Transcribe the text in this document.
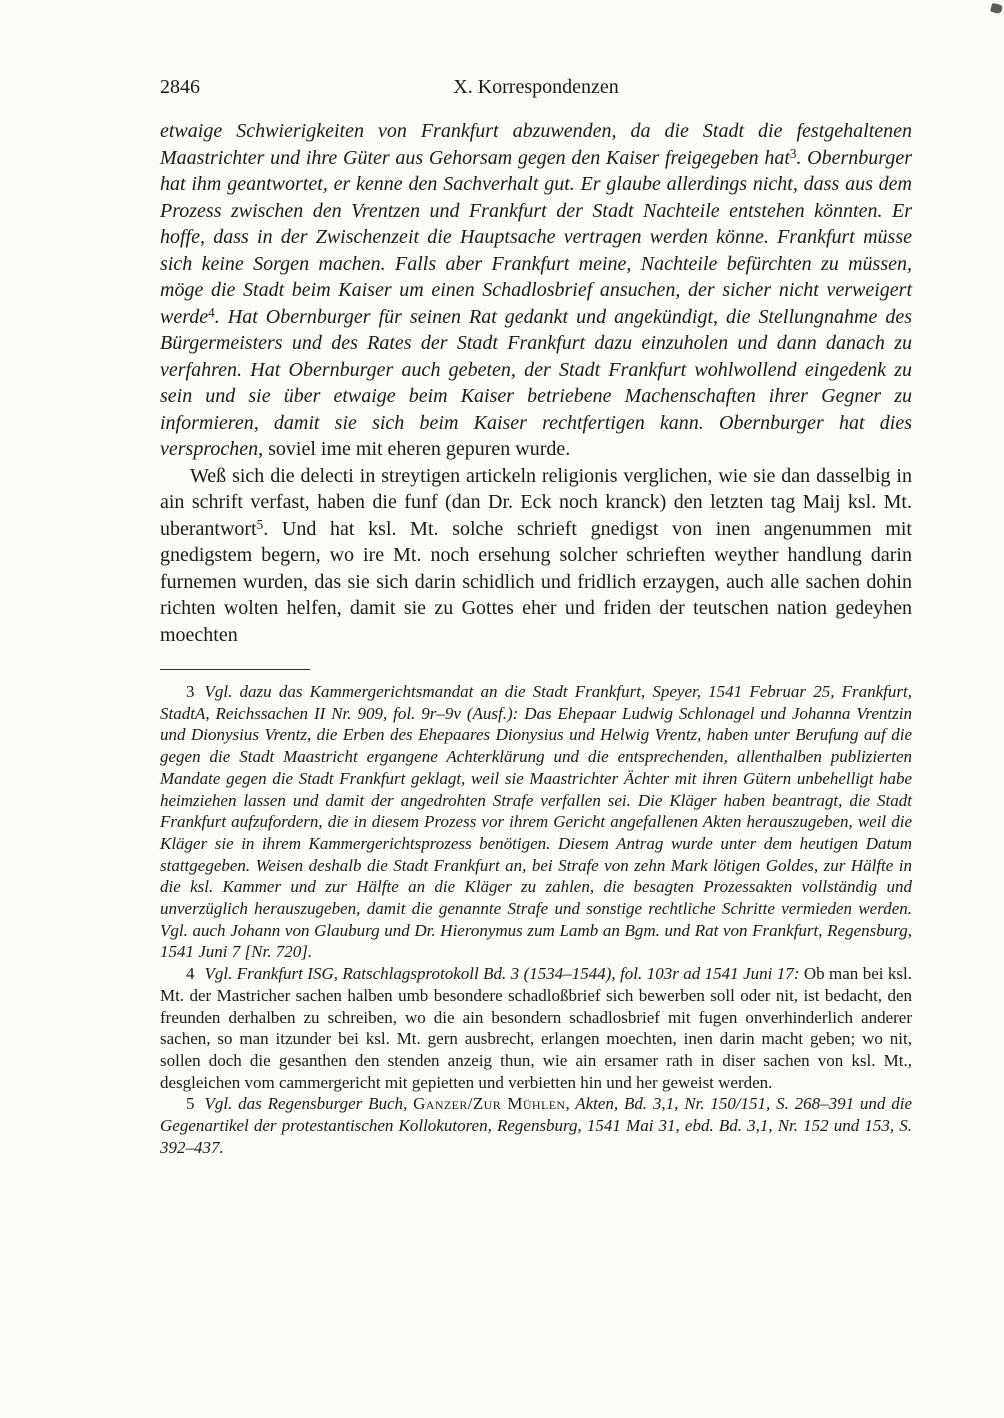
2846	X. Korrespondenzen

etwaige Schwierigkeiten von Frankfurt abzuwenden, da die Stadt die festgehaltenen Maastrichter und ihre Güter aus Gehorsam gegen den Kaiser freigegeben hat$^3$. Obernburger hat ihm geantwortet, er kenne den Sachverhalt gut. Er glaube allerdings nicht, dass aus dem Prozess zwischen den Vrentzen und Frankfurt der Stadt Nachteile entstehen könnten. Er hoffe, dass in der Zwischenzeit die Hauptsache vertragen werden könne. Frankfurt müsse sich keine Sorgen machen. Falls aber Frankfurt meine, Nachteile befürchten zu müssen, möge die Stadt beim Kaiser um einen Schadlosbrief ansuchen, der sicher nicht verweigert werde$^4$. Hat Obernburger für seinen Rat gedankt und angekündigt, die Stellungnahme des Bürgermeisters und des Rates der Stadt Frankfurt dazu einzuholen und dann danach zu verfahren. Hat Obernburger auch gebeten, der Stadt Frankfurt wohlwollend eingedenk zu sein und sie über etwaige beim Kaiser betriebene Machenschaften ihrer Gegner zu informieren, damit sie sich beim Kaiser rechtfertigen kann. Obernburger hat dies versprochen, soviel ime mit eheren gepuren wurde.

Weß sich die delecti in streytigen artickeln religionis verglichen, wie sie dan dasselbig in ain schrift verfast, haben die funf (dan Dr. Eck noch kranck) den letzten tag Maij ksl. Mt. uberantwort$^5$. Und hat ksl. Mt. solche schrieft gnedigst von inen angenummen mit gnedigstem begern, wo ire Mt. noch ersehung solcher schrieften weyther handlung darin furnemen wurden, das sie sich darin schidlich und fridlich erzaygen, auch alle sachen dohin richten wolten helfen, damit sie zu Gottes eher und friden der teutschen nation gedeyhen moechten

3 Vgl. dazu das Kammergerichtsmandat an die Stadt Frankfurt, Speyer, 1541 Februar 25, Frankfurt, StadtA, Reichssachen II Nr. 909, fol. 9r–9v (Ausf.): Das Ehepaar Ludwig Schlonagel und Johanna Vrentzin und Dionysius Vrentz, die Erben des Ehepaares Dionysius und Helwig Vrentz, haben unter Berufung auf die gegen die Stadt Maastricht ergangene Achterklärung und die entsprechenden, allenthalben publizierten Mandate gegen die Stadt Frankfurt geklagt, weil sie Maastrichter Ächter mit ihren Gütern unbehelligt habe heimziehen lassen und damit der angedrohten Strafe verfallen sei. Die Kläger haben beantragt, die Stadt Frankfurt aufzufordern, die in diesem Prozess vor ihrem Gericht angefallenen Akten herauszugeben, weil die Kläger sie in ihrem Kammergerichtsprozess benötigen. Diesem Antrag wurde unter dem heutigen Datum stattgegeben. Weisen deshalb die Stadt Frankfurt an, bei Strafe von zehn Mark lötigen Goldes, zur Hälfte in die ksl. Kammer und zur Hälfte an die Kläger zu zahlen, die besagten Prozessakten vollständig und unverzüglich herauszugeben, damit die genannte Strafe und sonstige rechtliche Schritte vermieden werden. Vgl. auch Johann von Glauburg und Dr. Hieronymus zum Lamb an Bgm. und Rat von Frankfurt, Regensburg, 1541 Juni 7 [Nr. 720].

4 Vgl. Frankfurt ISG, Ratschlagsprotokoll Bd. 3 (1534–1544), fol. 103r ad 1541 Juni 17: Ob man bei ksl. Mt. der Mastricher sachen halben umb besondere schadloßbrief sich bewerben soll oder nit, ist bedacht, den freunden derhalben zu schreiben, wo die ain besondern schadlosbrief mit fugen onverhinderlich anderer sachen, so man itzunder bei ksl. Mt. gern ausbrecht, erlangen moechten, inen darin macht geben; wo nit, sollen doch die gesanthen den stenden anzeig thun, wie ain ersamer rath in diser sachen von ksl. Mt., desgleichen vom cammergericht mit gepietten und verbietten hin und her geweist werden.

5 Vgl. das Regensburger Buch, Ganzer/Zur Mühlen, Akten, Bd. 3,1, Nr. 150/151, S. 268–391 und die Gegenartikel der protestantischen Kollokutoren, Regensburg, 1541 Mai 31, ebd. Bd. 3,1, Nr. 152 und 153, S. 392–437.
